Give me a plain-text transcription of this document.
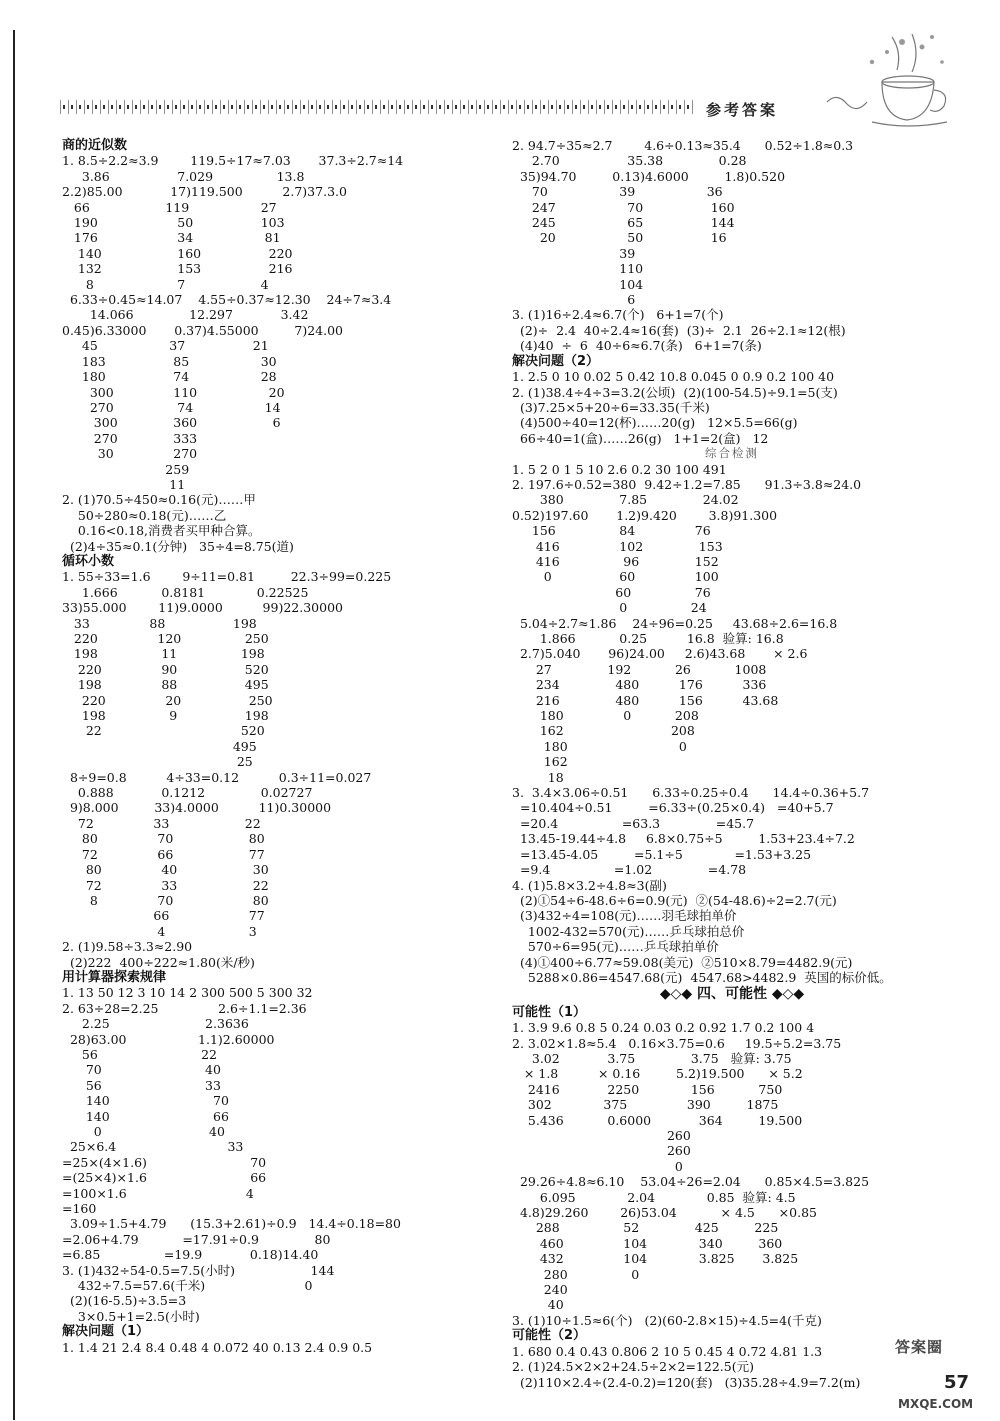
参考答案
商的近似数
1. 8.5÷2.2≈3.9        119.5÷17≈7.03       37.3÷2.7≈14
3.86                 7.029                13.8
2.2)85.00            17)119.500          2.7)37.3.0
66                   119                  27
190                    50                 103
176                    34                  81
140                   160                 220
132                   153                 216
8                     7                   4
6.33÷0.45≈14.07    4.55÷0.37≈12.30    24÷7≈3.4
14.066              12.297            3.42
0.45)6.33000       0.37)4.55000         7)24.00
45                  37                 21
183                 85                  30
180                 74                  28
300               110                  20
270                74                  14
300              360                   6
270              333
30               270
259
11
2. (1)70.5÷450≈0.16(元)……甲
50÷280≈0.18(元)……乙
0.16<0.18,消费者买甲种合算。
(2)4÷35≈0.1(分钟)   35÷4=8.75(道)
循环小数
1. 55÷33=1.6        9÷11=0.81         22.3÷99=0.225
1.666           0.8181             0.22525
33)55.000        11)9.0000          99)22.30000
33               88                 198
220               120                250
198                11                198
220               90                 520
198               88                 495
220               20                 250
198                9                 198
22                                   520
495
25
8÷9=0.8          4÷33=0.12          0.3÷11=0.027
0.888            0.1212              0.02727
9)8.000         33)4.0000          11)0.30000
72               33                   22
80               70                   80
72               66                   77
80               40                   30
72               33                   22
8               70                    80
66                    77
4                     3
2. (1)9.58÷3.3≈2.90
(2)222  400÷222≈1.80(米/秒)
用计算器探索规律
1. 13 50 12 3 10 14 2 300 500 5 300 32
2. 63÷28=2.25               2.6÷1.1=2.36
2.25                        2.3636
28)63.00                  1.1)2.60000
56                          22
70                          40
56                          33
140                          70
140                          66
0                           40
25×6.4                            33
=25×(4×1.6)                          70
=(25×4)×1.6                          66
=100×1.6                              4
=160
3.09÷1.5+4.79      (15.3+2.61)÷0.9   14.4÷0.18=80
=2.06+4.79           =17.91÷0.9              80
=6.85                =19.9            0.18)14.40
3. (1)432÷54-0.5=7.5(小时)                   144
432÷7.5=57.6(千米)                         0
(2)(16-5.5)÷3.5=3
3×0.5+1=2.5(小时)
解决问题（1）
1. 1.4 21 2.4 8.4 0.48 4 0.072 40 0.13 2.4 0.9 0.5
2. 94.7÷35≈2.7        4.6÷0.13≈35.4      0.52÷1.8≈0.3
2.70                 35.38              0.28
35)94.70         0.13)4.6000         1.8)0.520
70                  39                  36
247                  70                 160
245                  65                 144
20                  50                 16
39
110
104
6
3. (1)16÷2.4≈6.7(个)   6+1=7(个)
(2)÷  2.4  40÷2.4≈16(套)  (3)÷  2.1  26÷2.1≈12(根)
(4)40  ÷  6  40÷6≈6.7(条)   6+1=7(条)
解决问题（2）
1. 2.5 0 10 0.02 5 0.42 10.8 0.045 0 0.9 0.2 100 40
2. (1)38.4÷4÷3=3.2(公顷)  (2)(100-54.5)÷9.1=5(支)
(3)7.25×5+20÷6=33.35(千米)
(4)500÷40=12(杯)……20(g)   12×5.5=66(g)
66÷40=1(盒)……26(g)   1+1=2(盒)   12
综合检测
1. 5 2 0 1 5 10 2.6 0.2 30 100 491
2. 197.6÷0.52=380  9.42÷1.2=7.85      91.3÷3.8≈24.0
380              7.85              24.02
0.52)197.60       1.2)9.420        3.8)91.300
156                84               76
416               102              153
416                96              152
0                 60               100
60                76
0                24
5.04÷2.7≈1.86    24÷96=0.25     43.68÷2.6=16.8
1.866           0.25          16.8  验算: 16.8
2.7)5.040       96)24.00     2.6)43.68       × 2.6
27              192           26           1008
234              480          176          336
216              480          156          43.68
180               0           208
162                           208
180                            0
162
18
3.  3.4×3.06÷0.51      6.33÷0.25÷0.4      14.4÷0.36+5.7
=10.404÷0.51         =6.33÷(0.25×0.4)   =40+5.7
=20.4                =63.3              =45.7
13.45-19.44÷4.8     6.8×0.75÷5         1.53+23.4÷7.2
=13.45-4.05         =5.1÷5             =1.53+3.25
=9.4                =1.02              =4.78
4. (1)5.8×3.2÷4.8≈3(副)
(2)①54÷6-48.6÷6=0.9(元)  ②(54-48.6)÷2=2.7(元)
(3)432÷4=108(元)……羽毛球拍单价
1002-432=570(元)……乒乓球拍总价
570÷6=95(元)……乒乓球拍单价
(4)①400÷6.77≈59.08(美元)  ②510×8.79=4482.9(元)
5288×0.86=4547.68(元)  4547.68>4482.9  英国的标价低。
◆◇◆ 四、可能性 ◆◇◆
可能性（1）
1. 3.9 9.6 0.8 5 0.24 0.03 0.2 0.92 1.7 0.2 100 4
2. 3.02×1.8≈5.4   0.16×3.75=0.6     19.5÷5.2=3.75
3.02            3.75              3.75   验算: 3.75
× 1.8          × 0.16         5.2)19.500      × 5.2
2416            2250             156           750
302             375               390         1875
5.436           0.6000            364         19.500
260
260
0
29.26÷4.8≈6.10    53.04÷26=2.04      0.85×4.5=3.825
6.095             2.04             0.85  验算: 4.5
4.8)29.260        26)53.04           × 4.5      ×0.85
288                52              425         225
460               104             340         360
432               104             3.825       3.825
280                0
240
40
3. (1)10÷1.5≈6(个)   (2)(60-2.8×15)÷4.5=4(千克)
可能性（2）
1. 680 0.4 0.43 0.806 2 10 5 0.45 4 0.72 4.81 1.3
2. (1)24.5×2×2+24.5÷2×2=122.5(元)
(2)110×2.4÷(2.4-0.2)=120(套)   (3)35.28÷4.9=7.2(m)
答案圈
MXQE.COM
57
